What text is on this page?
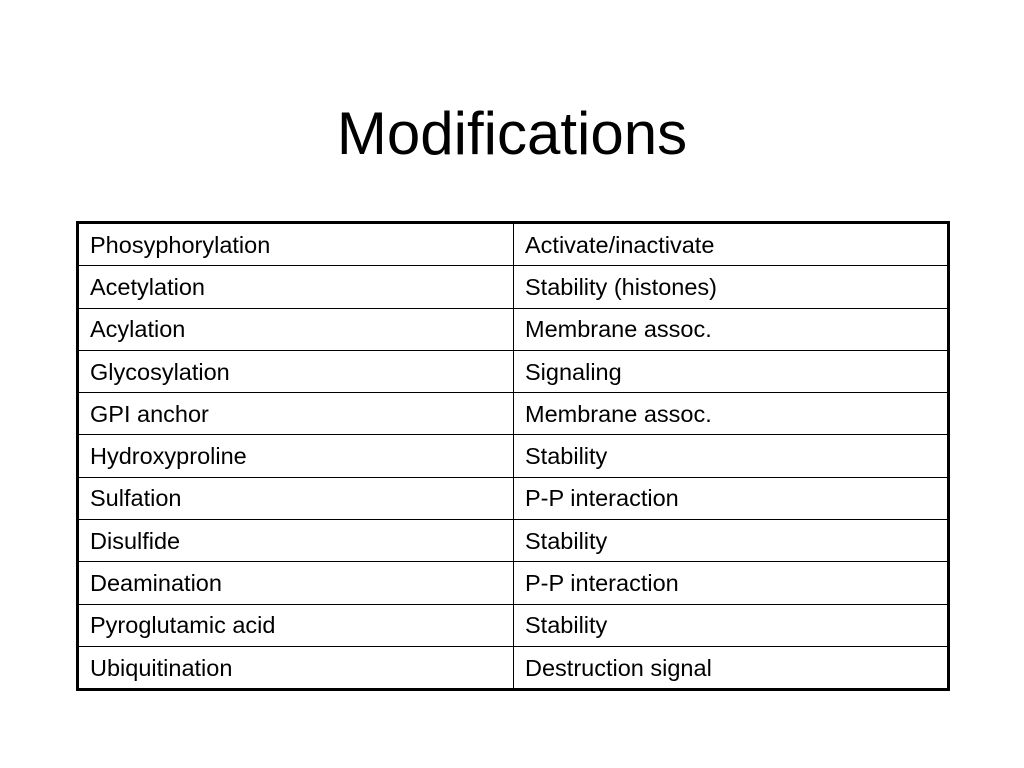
Modifications
Phosyphorylation	Activate/inactivate
Acetylation	Stability (histones)
Acylation	Membrane assoc.
Glycosylation	Signaling
GPI anchor	Membrane assoc.
Hydroxyproline	Stability
Sulfation	P-P interaction
Disulfide	Stability
Deamination	P-P interaction
Pyroglutamic acid	Stability
Ubiquitination	Destruction signal
